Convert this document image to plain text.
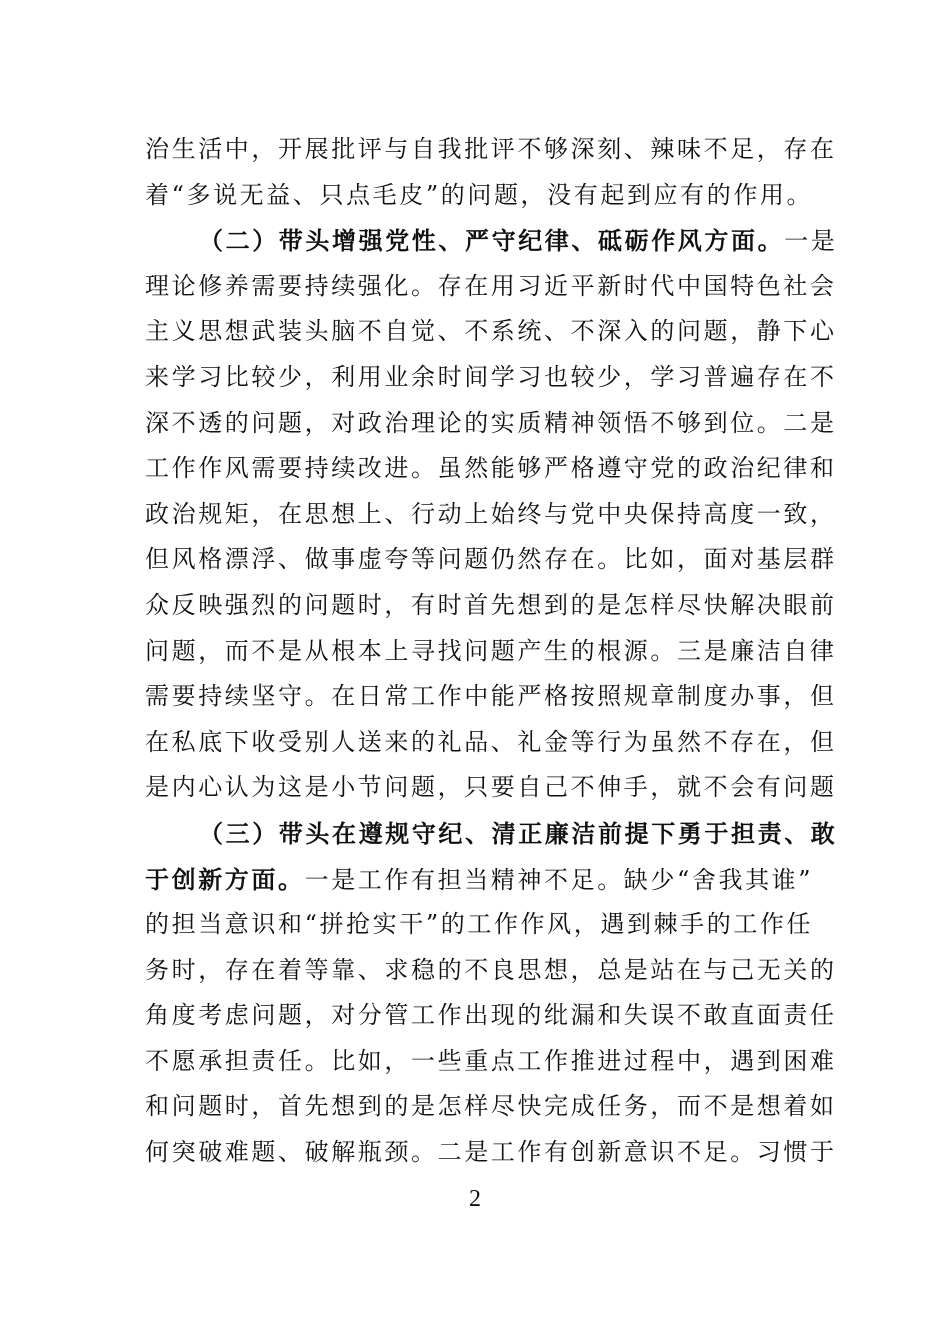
治生活中，开展批评与自我批评不够深刻、辣味不足，存在
着“多说无益、只点毛皮”的问题，没有起到应有的作用。
（二）带头增强党性、严守纪律、砥砺作风方面。一是
理论修养需要持续强化。存在用习近平新时代中国特色社会
主义思想武装头脑不自觉、不系统、不深入的问题，静下心
来学习比较少，利用业余时间学习也较少，学习普遍存在不
深不透的问题，对政治理论的实质精神领悟不够到位。二是
工作作风需要持续改进。虽然能够严格遵守党的政治纪律和
政治规矩，在思想上、行动上始终与党中央保持高度一致，
但风格漂浮、做事虚夸等问题仍然存在。比如，面对基层群
众反映强烈的问题时，有时首先想到的是怎样尽快解决眼前
问题，而不是从根本上寻找问题产生的根源。三是廉洁自律
需要持续坚守。在日常工作中能严格按照规章制度办事，但
在私底下收受别人送来的礼品、礼金等行为虽然不存在，但
是内心认为这是小节问题，只要自己不伸手，就不会有问题
（三）带头在遵规守纪、清正廉洁前提下勇于担责、敢
于创新方面。一是工作有担当精神不足。缺少“舍我其谁”
的担当意识和“拼抢实干”的工作作风，遇到棘手的工作任
务时，存在着等靠、求稳的不良思想，总是站在与己无关的
角度考虑问题，对分管工作出现的纰漏和失误不敢直面责任
不愿承担责任。比如，一些重点工作推进过程中，遇到困难
和问题时，首先想到的是怎样尽快完成任务，而不是想着如
何突破难题、破解瓶颈。二是工作有创新意识不足。习惯于
2
